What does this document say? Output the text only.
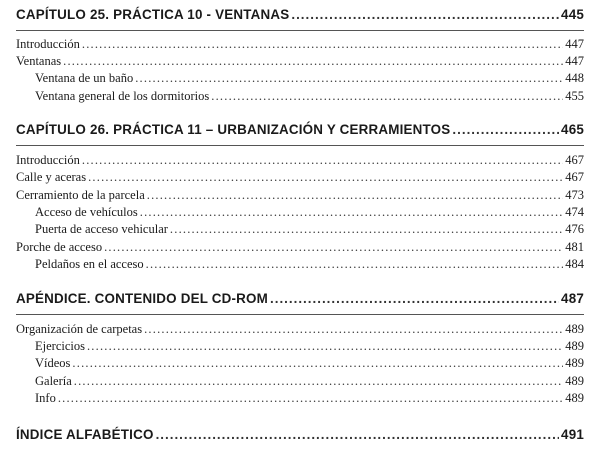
CAPÍTULO 25. PRÁCTICA 10 - VENTANAS .....	445
Introducción .....	447
Ventanas .....	447
Ventana de un baño .....	448
Ventana general de los dormitorios .....	455
CAPÍTULO 26. PRÁCTICA 11 – URBANIZACIÓN Y CERRAMIENTOS .....	465
Introducción .....	467
Calle y aceras .....	467
Cerramiento de la parcela .....	473
Acceso de vehículos .....	474
Puerta de acceso vehicular .....	476
Porche de acceso .....	481
Peldaños en el acceso .....	484
APÉNDICE. CONTENIDO DEL CD-ROM .....	487
Organización de carpetas .....	489
Ejercicios .....	489
Vídeos .....	489
Galería .....	489
Info .....	489
ÍNDICE ALFABÉTICO .....	491
